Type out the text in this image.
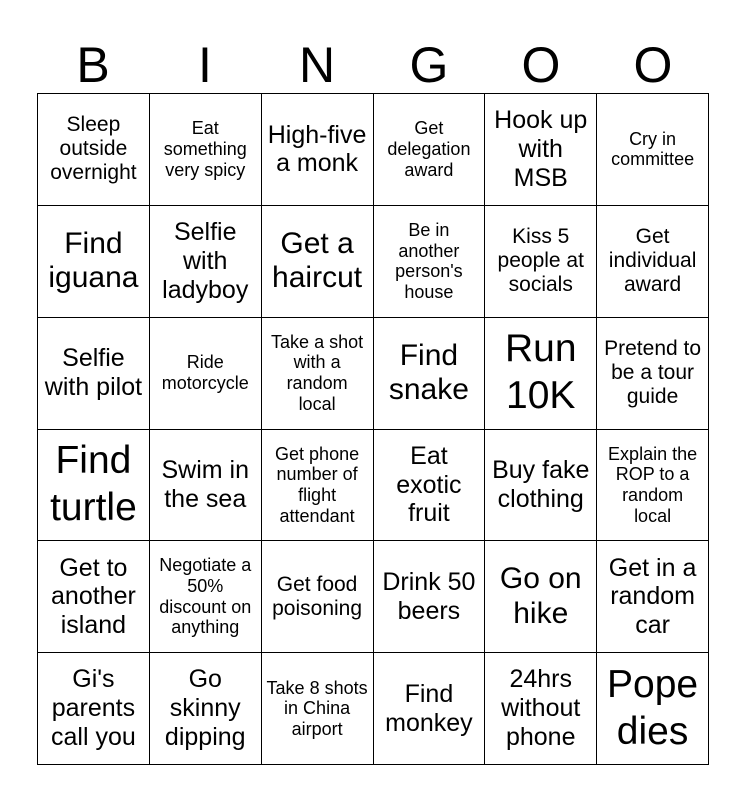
B	I	N	G	O	O
Sleep outside overnight
Eat something very spicy
High-five a monk
Get delegation award
Hook up with MSB
Cry in committee
Find iguana
Selfie with ladyboy
Get a haircut
Be in another person's house
Kiss 5 people at socials
Get individual award
Selfie with pilot
Ride motorcycle
Take a shot with a random local
Find snake
Run 10K
Pretend to be a tour guide
Find turtle
Swim in the sea
Get phone number of flight attendant
Eat exotic fruit
Buy fake clothing
Explain the ROP to a random local
Get to another island
Negotiate a 50% discount on anything
Get food poisoning
Drink 50 beers
Go on hike
Get in a random car
Gi's parents call you
Go skinny dipping
Take 8 shots in China airport
Find monkey
24hrs without phone
Pope dies
